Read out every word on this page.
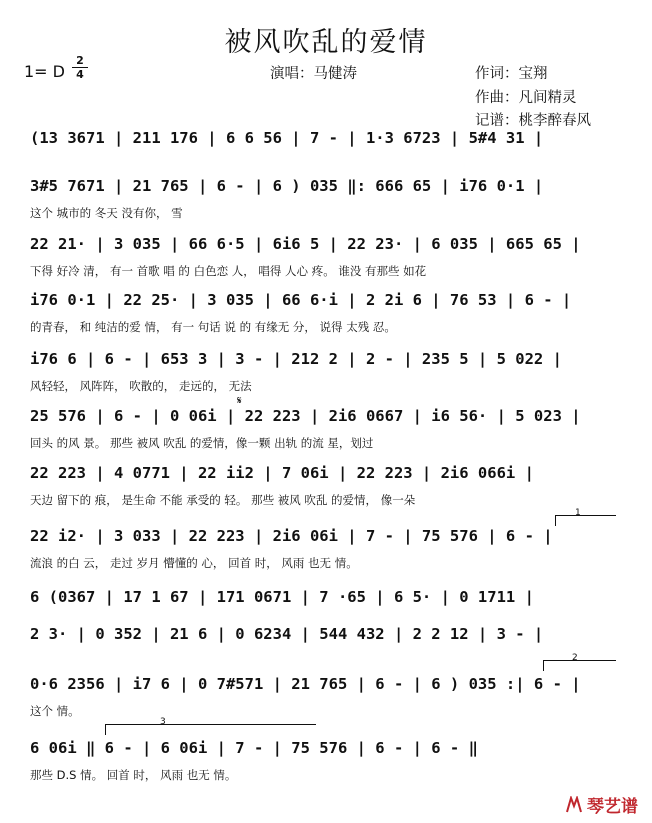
被风吹乱的爱情
1= D
2
4	演唱：马健涛	作词：宝翔
作曲：凡间精灵
记谱：桃李醉春风
(13 3671 | 211 176 | 6 6 56 | 7 - | 1·3 6723 | 5#4 31 |
3#5 7671 | 21 765 | 6 - | 6 ) 035 ‖: 666 65 | i76 0·1 |
这个 城市的 冬天 没有你， 雪
22 21· | 3 035 | 66 6·5 | 6i6 5 | 22 23· | 6 035 | 665 65 |
下得 好冷 清， 有一 首歌 唱 的 白色恋 人， 唱得 人心 疼。 谁没 有那些 如花
i76 0·1 | 22 25· | 3 035 | 66 6·i | 2 2i 6 | 76 53 | 6 - |
的青春， 和 纯洁的爱 情， 有一 句话 说 的 有缘无 分， 说得 太残 忍。
i76 6 | 6 - | 653 3 | 3 - | 212 2 | 2 - | 235 5 | 5 022 |
风轻轻， 风阵阵， 吹散的， 走远的， 无法
25 576 | 6 - | 0 06i | 22 223 | 2i6 0667 | i6 56· | 5 023 |
回头 的风 景。 那些 被风 吹乱 的爱情，像一颗 出轨 的流 星，划过
22 223 | 4 0771 | 22 ii2 | 7 06i | 22 223 | 2i6 066i |
天边 留下的 痕， 是生命 不能 承受的 轻。 那些 被风 吹乱 的爱情， 像一朵
22 i2· | 3 033 | 22 223 | 2i6 06i | 7 - | 75 576 | 6 - |
流浪 的白 云， 走过 岁月 懵懂的 心， 回首 时， 风雨 也无 情。
6 (0367 | 17 1 67 | 171 0671 | 7 ·65 | 6 5· | 0 1711 |
2 3· | 0 352 | 21 6 | 0 6234 | 544 432 | 2 2 12 | 3 - |
0·6 2356 | i7 6 | 0 7#571 | 21 765 | 6 - | 6 ) 035 :| 6 - |
这个 情。
6 06i ‖ 6 - | 6 06i | 7 - | 75 576 | 6 - | 6 - ‖
那些 D.S 情。 回首 时， 风雨 也无 情。
𝄋
1
2
3
琴艺谱
